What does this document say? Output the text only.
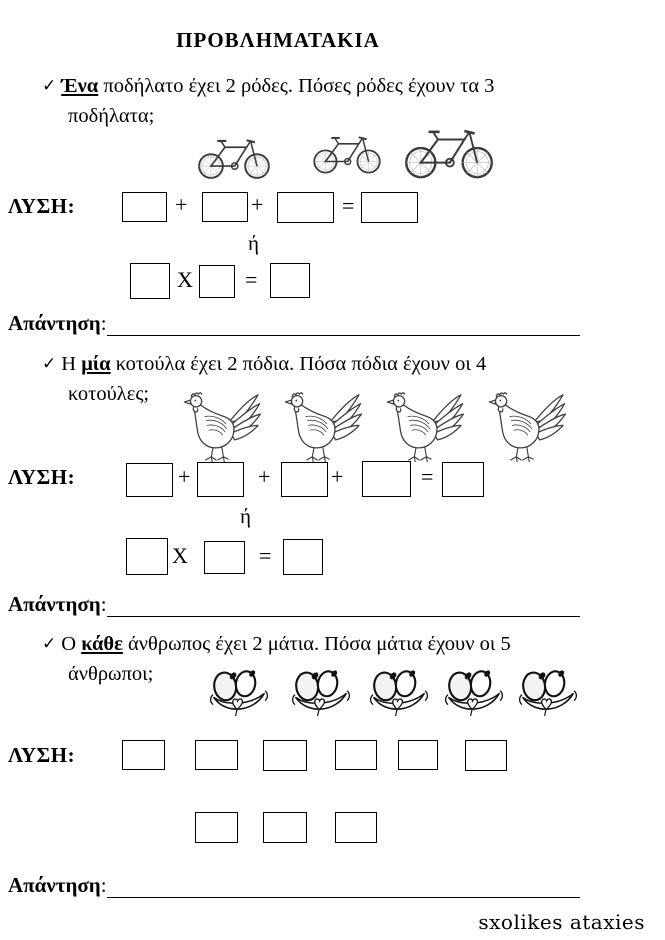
ΠΡΟΒΛΗΜΑΤΑΚΙΑ
✓ Ένα ποδήλατο έχει 2 ρόδες. Πόσες ρόδες έχουν τα 3
ποδήλατα;
ΛΥΣΗ:	+	+	=
ή
X =
Απάντηση :
✓ Η μία κοτούλα έχει 2 πόδια. Πόσα πόδια έχουν οι 4
κοτούλες;
ΛΥΣΗ:	+	+	+	=
ή
X	=
Απάντηση :
✓ Ο κάθε άνθρωπος έχει 2 μάτια. Πόσα μάτια έχουν οι 5
άνθρωποι;
ΛΥΣΗ:
Απάντηση :
sxolikes ataxies
